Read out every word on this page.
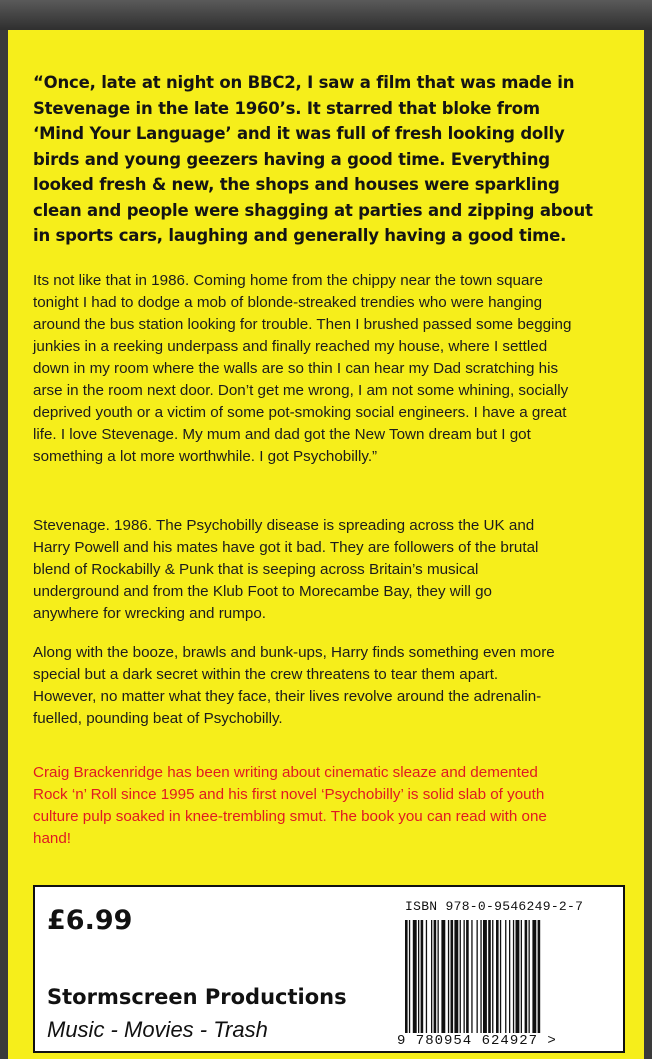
“Once, late at night on BBC2, I saw a film that was made in Stevenage in the late 1960’s. It starred that bloke from ‘Mind Your Language’ and it was full of fresh looking dolly birds and young geezers having a good time. Everything looked fresh & new, the shops and houses were sparkling clean and people were shagging at parties and zipping about in sports cars, laughing and generally having a good time.
Its not like that in 1986. Coming home from the chippy near the town square tonight I had to dodge a mob of blonde-streaked trendies who were hanging around the bus station looking for trouble. Then I brushed passed some begging junkies in a reeking underpass and finally reached my house, where I settled down in my room where the walls are so thin I can hear my Dad scratching his arse in the room next door. Don’t get me wrong, I am not some whining, socially deprived youth or a victim of some pot-smoking social engineers. I have a great life. I love Stevenage. My mum and dad got the New Town dream but I got something a lot more worthwhile. I got Psychobilly.”
Stevenage. 1986. The Psychobilly disease is spreading across the UK and Harry Powell and his mates have got it bad. They are followers of the brutal blend of Rockabilly & Punk that is seeping across Britain’s musical underground and from the Klub Foot to Morecambe Bay, they will go anywhere for wrecking and rumpo.
Along with the booze, brawls and bunk-ups, Harry finds something even more special but a dark secret within the crew threatens to tear them apart. However, no matter what they face, their lives revolve around the adrenalin-fuelled, pounding beat of Psychobilly.
Craig Brackenridge has been writing about cinematic sleaze and demented Rock ‘n’ Roll since 1995 and his first novel ‘Psychobilly’ is solid slab of youth culture pulp soaked in knee-trembling smut. The book you can read with one hand!
£6.99
Stormscreen Productions
Music - Movies - Trash
ISBN 978-0-9546249-2-7
9 780954 624927 >
